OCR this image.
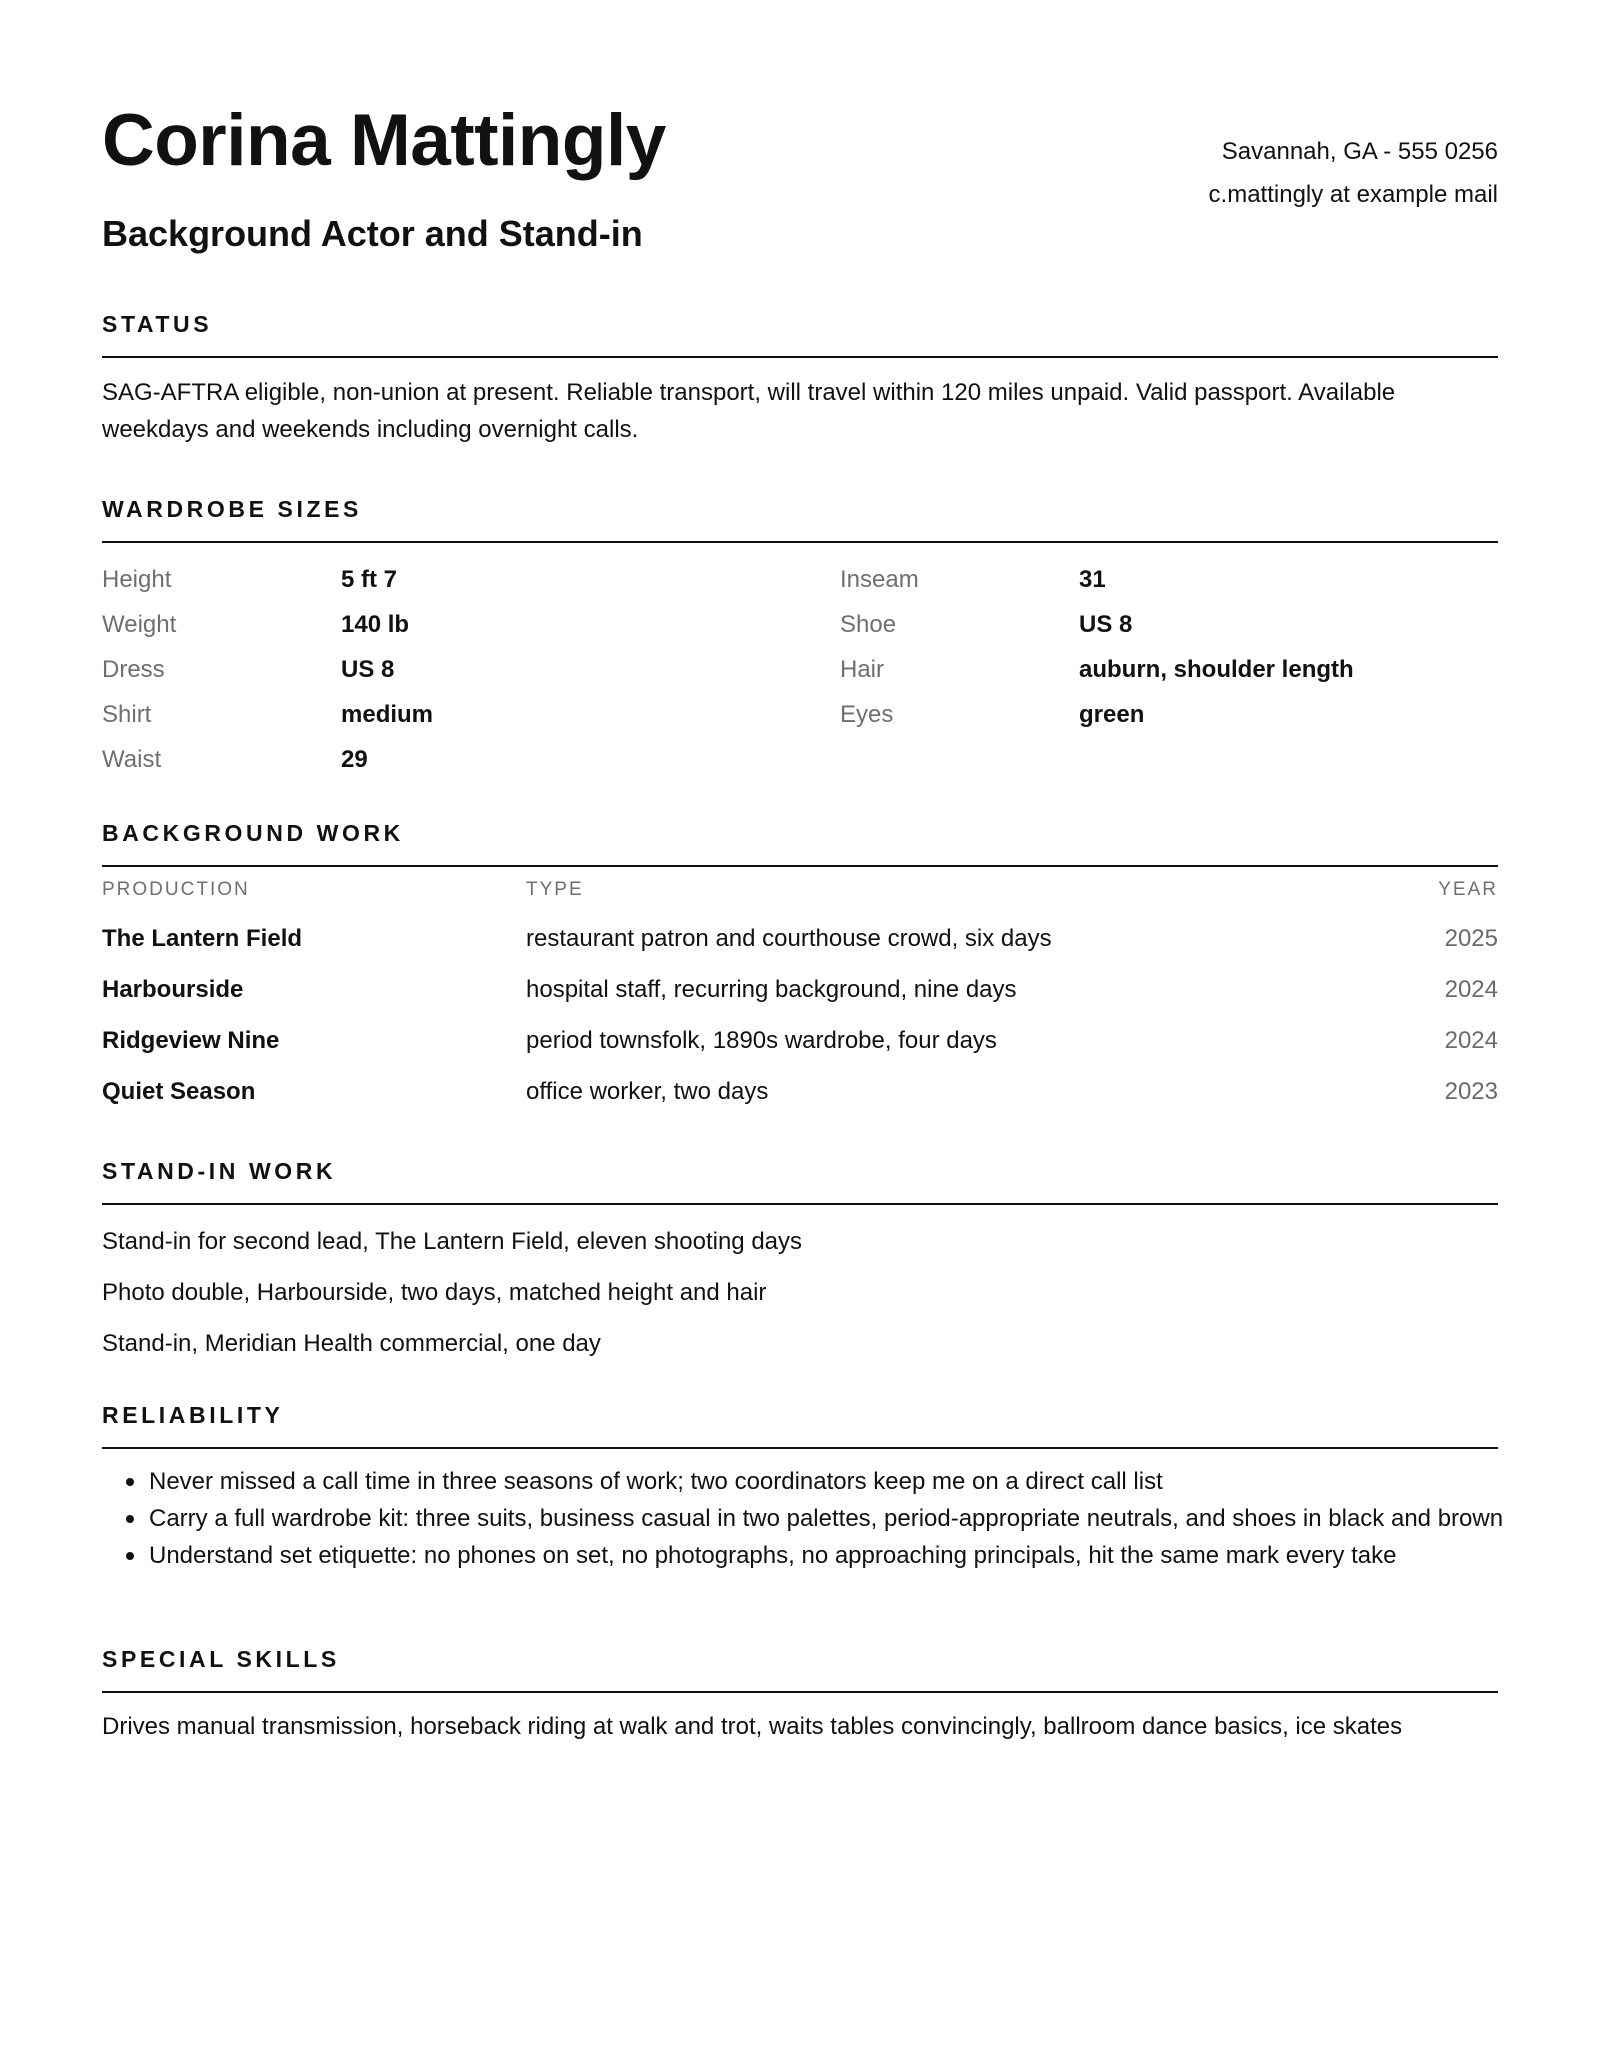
Corina Mattingly
Background Actor and Stand-in
Savannah, GA - 555 0256
c.mattingly at example mail
STATUS

SAG-AFTRA eligible, non-union at present. Reliable transport, will travel within 120 miles unpaid. Valid passport. Available weekdays and weekends including overnight calls.

WARDROBE SIZES
Height	5 ft 7
Weight	140 lb
Dress	US 8
Shirt	medium
Waist	29
Inseam	31
Shoe	US 8
Hair	auburn, shoulder length
Eyes	green
BACKGROUND WORK
PRODUCTION	TYPE	YEAR
The Lantern Field	restaurant patron and courthouse crowd, six days	2025
Harbourside	hospital staff, recurring background, nine days	2024
Ridgeview Nine	period townsfolk, 1890s wardrobe, four days	2024
Quiet Season	office worker, two days	2023
STAND-IN WORK
Stand-in for second lead, The Lantern Field, eleven shooting days
Photo double, Harbourside, two days, matched height and hair
Stand-in, Meridian Health commercial, one day
RELIABILITY
Never missed a call time in three seasons of work; two coordinators keep me on a direct call list
Carry a full wardrobe kit: three suits, business casual in two palettes, period-appropriate neutrals, and shoes in black and brown
Understand set etiquette: no phones on set, no photographs, no approaching principals, hit the same mark every take
SPECIAL SKILLS

Drives manual transmission, horseback riding at walk and trot, waits tables convincingly, ballroom dance basics, ice skates
